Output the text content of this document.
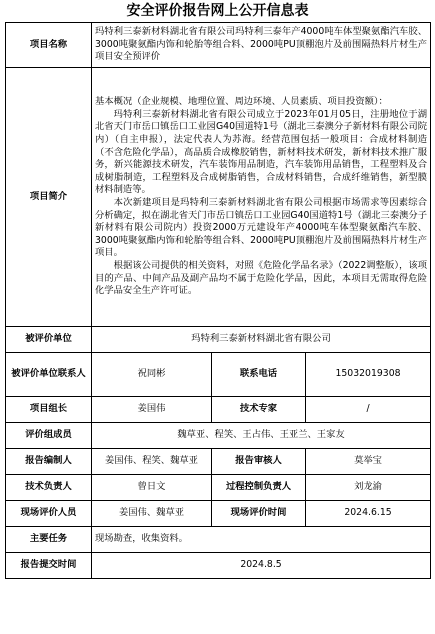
安全评价报告网上公开信息表
项目名称	玛特利三泰新材料湖北省有限公司玛特利三泰年产4000吨车体型聚氨酯汽车胶、3000吨聚氨酯内饰和轮胎等组合料、2000吨PU顶棚泡片及前围隔热料片材生产项目安全预评价		
项目简介	基本概况（企业规模、地理位置、周边环境、人员素质、项目投资额）：

玛特利三泰新材料湖北省有限公司成立于2023年01月05日，注册地位于湖北省天门市岳口镇岳口工业园G40国道特1号（湖北三泰澳分子新材料有限公司院内）（自主申报），法定代表人为苏海。经营范围包括一般项目：合成材料制造（不含危险化学品），高品质合成橡胶销售，新材料技术研发，新材料技术推广服务，新兴能源技术研发，汽车装饰用品制造，汽车装饰用品销售，工程塑料及合成树脂制造，工程塑料及合成树脂销售，合成材料销售，合成纤维销售，新型膜材料制造等。

本次新建项目是玛特利三泰新材料湖北省有限公司根据市场需求等因素综合分析确定，拟在湖北省天门市岳口镇岳口工业园G40国道特1号（湖北三泰澳分子新材料有限公司院内）投资2000万元建设年产4000吨车体型聚氨酯汽车胶、3000吨聚氨酯内饰和轮胎等组合料、2000吨PU顶棚泡片及前围隔热料片材生产项目。

根据该公司提供的相关资料，对照《危险化学品名录》（2022调整版），该项目的产品、中间产品及副产品均不属于危险化学品，因此，本项目无需取得危险化学品安全生产许可证。		

被评价单位	玛特利三泰新材料湖北省有限公司		
被评价单位联系人	祝同彬	联系电话	15032019308
项目组长	姜国伟	技术专家	/
评价组成员	魏草亚、程笑、王占伟、王亚兰、王家友		
报告编制人	姜国伟、程笑、魏草亚	报告审核人	莫举宝
技术负责人	曾日文	过程控制负责人	刘龙渝
现场评价人员	姜国伟、魏草亚	现场评价时间	2024.6.15
主要任务	现场勘查，收集资料。		
报告提交时间	2024.8.5		
